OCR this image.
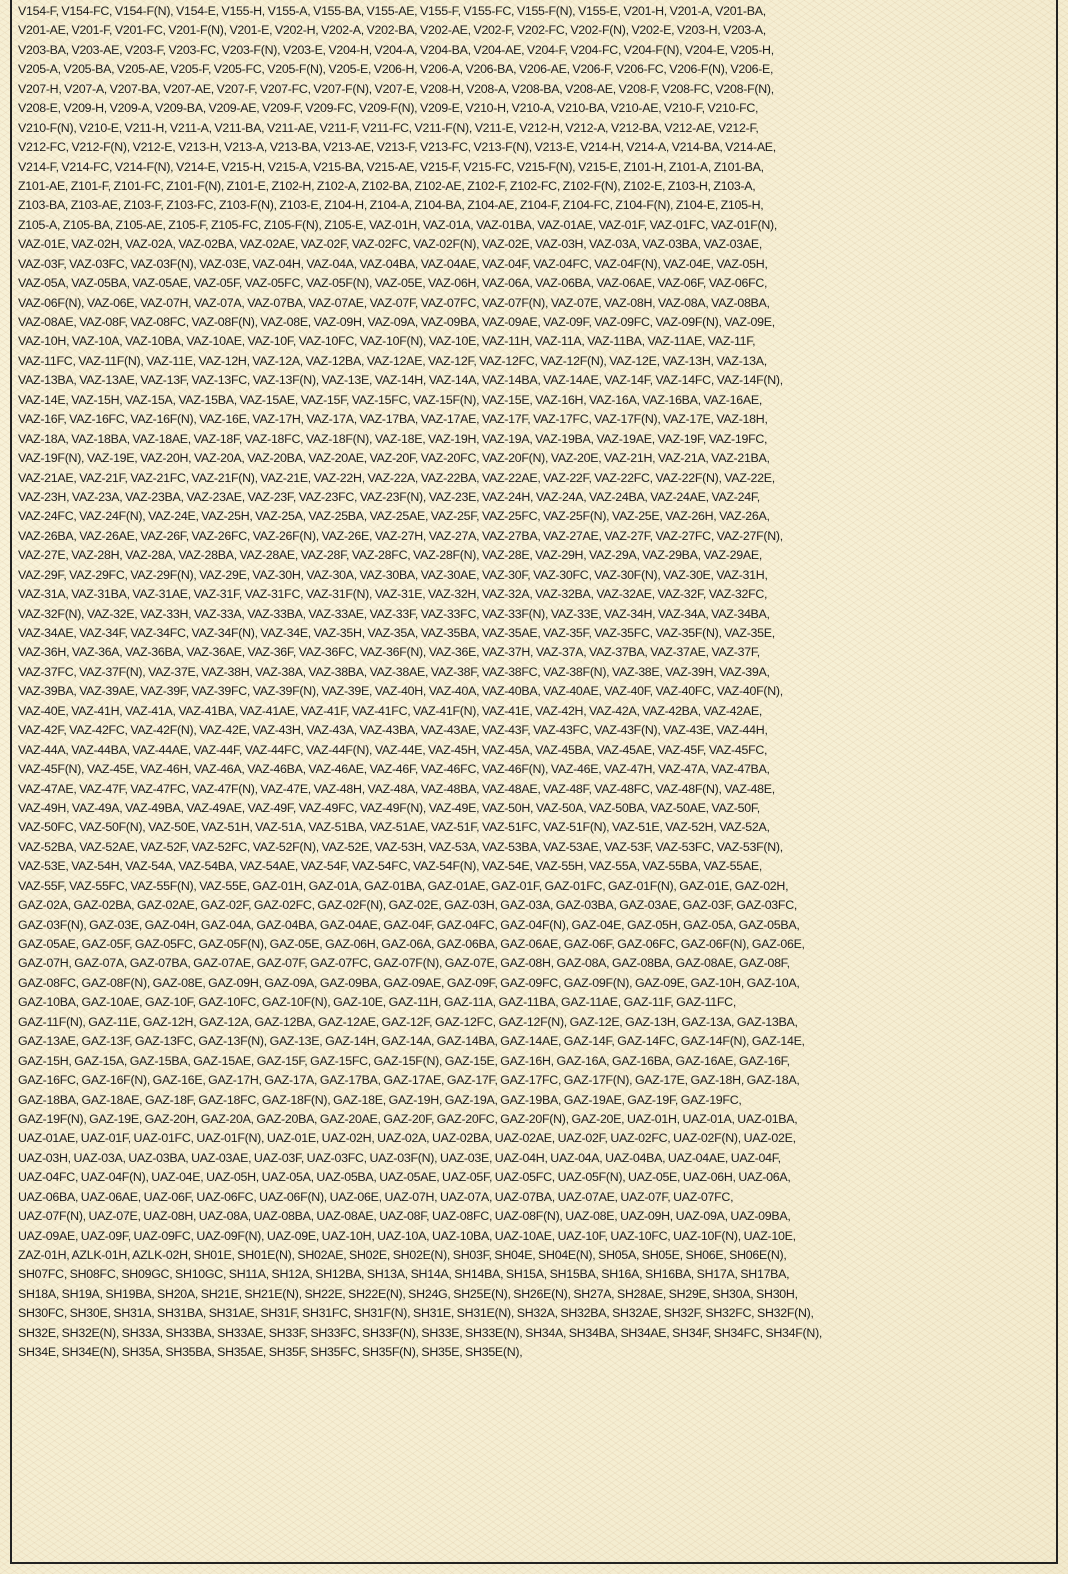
V154-F, V154-FC, V154-F(N), V154-E, V155-H, V155-A, V155-BA, V155-AE, V155-F, V155-FC, V155-F(N), V155-E, V201-H, V201-A, V201-BA,
V201-AE, V201-F, V201-FC, V201-F(N), V201-E, V202-H, V202-A, V202-BA, V202-AE, V202-F, V202-FC, V202-F(N), V202-E, V203-H, V203-A,
V203-BA, V203-AE, V203-F, V203-FC, V203-F(N), V203-E, V204-H, V204-A, V204-BA, V204-AE, V204-F, V204-FC, V204-F(N), V204-E, V205-H,
V205-A, V205-BA, V205-AE, V205-F, V205-FC, V205-F(N), V205-E, V206-H, V206-A, V206-BA, V206-AE, V206-F, V206-FC, V206-F(N), V206-E,
V207-H, V207-A, V207-BA, V207-AE, V207-F, V207-FC, V207-F(N), V207-E, V208-H, V208-A, V208-BA, V208-AE, V208-F, V208-FC, V208-F(N),
V208-E, V209-H, V209-A, V209-BA, V209-AE, V209-F, V209-FC, V209-F(N), V209-E, V210-H, V210-A, V210-BA, V210-AE, V210-F, V210-FC,
V210-F(N), V210-E, V211-H, V211-A, V211-BA, V211-AE, V211-F, V211-FC, V211-F(N), V211-E, V212-H, V212-A, V212-BA, V212-AE, V212-F,
V212-FC, V212-F(N), V212-E, V213-H, V213-A, V213-BA, V213-AE, V213-F, V213-FC, V213-F(N), V213-E, V214-H, V214-A, V214-BA, V214-AE,
V214-F, V214-FC, V214-F(N), V214-E, V215-H, V215-A, V215-BA, V215-AE, V215-F, V215-FC, V215-F(N), V215-E, Z101-H, Z101-A, Z101-BA,
Z101-AE, Z101-F, Z101-FC, Z101-F(N), Z101-E, Z102-H, Z102-A, Z102-BA, Z102-AE, Z102-F, Z102-FC, Z102-F(N), Z102-E, Z103-H, Z103-A,
Z103-BA, Z103-AE, Z103-F, Z103-FC, Z103-F(N), Z103-E, Z104-H, Z104-A, Z104-BA, Z104-AE, Z104-F, Z104-FC, Z104-F(N), Z104-E, Z105-H,
Z105-A, Z105-BA, Z105-AE, Z105-F, Z105-FC, Z105-F(N), Z105-E, VAZ-01H, VAZ-01A, VAZ-01BA, VAZ-01AE, VAZ-01F, VAZ-01FC, VAZ-01F(N),
VAZ-01E, VAZ-02H, VAZ-02A, VAZ-02BA, VAZ-02AE, VAZ-02F, VAZ-02FC, VAZ-02F(N), VAZ-02E, VAZ-03H, VAZ-03A, VAZ-03BA, VAZ-03AE,
VAZ-03F, VAZ-03FC, VAZ-03F(N), VAZ-03E, VAZ-04H, VAZ-04A, VAZ-04BA, VAZ-04AE, VAZ-04F, VAZ-04FC, VAZ-04F(N), VAZ-04E, VAZ-05H,
VAZ-05A, VAZ-05BA, VAZ-05AE, VAZ-05F, VAZ-05FC, VAZ-05F(N), VAZ-05E, VAZ-06H, VAZ-06A, VAZ-06BA, VAZ-06AE, VAZ-06F, VAZ-06FC,
VAZ-06F(N), VAZ-06E, VAZ-07H, VAZ-07A, VAZ-07BA, VAZ-07AE, VAZ-07F, VAZ-07FC, VAZ-07F(N), VAZ-07E, VAZ-08H, VAZ-08A, VAZ-08BA,
VAZ-08AE, VAZ-08F, VAZ-08FC, VAZ-08F(N), VAZ-08E, VAZ-09H, VAZ-09A, VAZ-09BA, VAZ-09AE, VAZ-09F, VAZ-09FC, VAZ-09F(N), VAZ-09E,
VAZ-10H, VAZ-10A, VAZ-10BA, VAZ-10AE, VAZ-10F, VAZ-10FC, VAZ-10F(N), VAZ-10E, VAZ-11H, VAZ-11A, VAZ-11BA, VAZ-11AE, VAZ-11F,
VAZ-11FC, VAZ-11F(N), VAZ-11E, VAZ-12H, VAZ-12A, VAZ-12BA, VAZ-12AE, VAZ-12F, VAZ-12FC, VAZ-12F(N), VAZ-12E, VAZ-13H, VAZ-13A,
VAZ-13BA, VAZ-13AE, VAZ-13F, VAZ-13FC, VAZ-13F(N), VAZ-13E, VAZ-14H, VAZ-14A, VAZ-14BA, VAZ-14AE, VAZ-14F, VAZ-14FC, VAZ-14F(N),
VAZ-14E, VAZ-15H, VAZ-15A, VAZ-15BA, VAZ-15AE, VAZ-15F, VAZ-15FC, VAZ-15F(N), VAZ-15E, VAZ-16H, VAZ-16A, VAZ-16BA, VAZ-16AE,
VAZ-16F, VAZ-16FC, VAZ-16F(N), VAZ-16E, VAZ-17H, VAZ-17A, VAZ-17BA, VAZ-17AE, VAZ-17F, VAZ-17FC, VAZ-17F(N), VAZ-17E, VAZ-18H,
VAZ-18A, VAZ-18BA, VAZ-18AE, VAZ-18F, VAZ-18FC, VAZ-18F(N), VAZ-18E, VAZ-19H, VAZ-19A, VAZ-19BA, VAZ-19AE, VAZ-19F, VAZ-19FC,
VAZ-19F(N), VAZ-19E, VAZ-20H, VAZ-20A, VAZ-20BA, VAZ-20AE, VAZ-20F, VAZ-20FC, VAZ-20F(N), VAZ-20E, VAZ-21H, VAZ-21A, VAZ-21BA,
VAZ-21AE, VAZ-21F, VAZ-21FC, VAZ-21F(N), VAZ-21E, VAZ-22H, VAZ-22A, VAZ-22BA, VAZ-22AE, VAZ-22F, VAZ-22FC, VAZ-22F(N), VAZ-22E,
VAZ-23H, VAZ-23A, VAZ-23BA, VAZ-23AE, VAZ-23F, VAZ-23FC, VAZ-23F(N), VAZ-23E, VAZ-24H, VAZ-24A, VAZ-24BA, VAZ-24AE, VAZ-24F,
VAZ-24FC, VAZ-24F(N), VAZ-24E, VAZ-25H, VAZ-25A, VAZ-25BA, VAZ-25AE, VAZ-25F, VAZ-25FC, VAZ-25F(N), VAZ-25E, VAZ-26H, VAZ-26A,
VAZ-26BA, VAZ-26AE, VAZ-26F, VAZ-26FC, VAZ-26F(N), VAZ-26E, VAZ-27H, VAZ-27A, VAZ-27BA, VAZ-27AE, VAZ-27F, VAZ-27FC, VAZ-27F(N),
VAZ-27E, VAZ-28H, VAZ-28A, VAZ-28BA, VAZ-28AE, VAZ-28F, VAZ-28FC, VAZ-28F(N), VAZ-28E, VAZ-29H, VAZ-29A, VAZ-29BA, VAZ-29AE,
VAZ-29F, VAZ-29FC, VAZ-29F(N), VAZ-29E, VAZ-30H, VAZ-30A, VAZ-30BA, VAZ-30AE, VAZ-30F, VAZ-30FC, VAZ-30F(N), VAZ-30E, VAZ-31H,
VAZ-31A, VAZ-31BA, VAZ-31AE, VAZ-31F, VAZ-31FC, VAZ-31F(N), VAZ-31E, VAZ-32H, VAZ-32A, VAZ-32BA, VAZ-32AE, VAZ-32F, VAZ-32FC,
VAZ-32F(N), VAZ-32E, VAZ-33H, VAZ-33A, VAZ-33BA, VAZ-33AE, VAZ-33F, VAZ-33FC, VAZ-33F(N), VAZ-33E, VAZ-34H, VAZ-34A, VAZ-34BA,
VAZ-34AE, VAZ-34F, VAZ-34FC, VAZ-34F(N), VAZ-34E, VAZ-35H, VAZ-35A, VAZ-35BA, VAZ-35AE, VAZ-35F, VAZ-35FC, VAZ-35F(N), VAZ-35E,
VAZ-36H, VAZ-36A, VAZ-36BA, VAZ-36AE, VAZ-36F, VAZ-36FC, VAZ-36F(N), VAZ-36E, VAZ-37H, VAZ-37A, VAZ-37BA, VAZ-37AE, VAZ-37F,
VAZ-37FC, VAZ-37F(N), VAZ-37E, VAZ-38H, VAZ-38A, VAZ-38BA, VAZ-38AE, VAZ-38F, VAZ-38FC, VAZ-38F(N), VAZ-38E, VAZ-39H, VAZ-39A,
VAZ-39BA, VAZ-39AE, VAZ-39F, VAZ-39FC, VAZ-39F(N), VAZ-39E, VAZ-40H, VAZ-40A, VAZ-40BA, VAZ-40AE, VAZ-40F, VAZ-40FC, VAZ-40F(N),
VAZ-40E, VAZ-41H, VAZ-41A, VAZ-41BA, VAZ-41AE, VAZ-41F, VAZ-41FC, VAZ-41F(N), VAZ-41E, VAZ-42H, VAZ-42A, VAZ-42BA, VAZ-42AE,
VAZ-42F, VAZ-42FC, VAZ-42F(N), VAZ-42E, VAZ-43H, VAZ-43A, VAZ-43BA, VAZ-43AE, VAZ-43F, VAZ-43FC, VAZ-43F(N), VAZ-43E, VAZ-44H,
VAZ-44A, VAZ-44BA, VAZ-44AE, VAZ-44F, VAZ-44FC, VAZ-44F(N), VAZ-44E, VAZ-45H, VAZ-45A, VAZ-45BA, VAZ-45AE, VAZ-45F, VAZ-45FC,
VAZ-45F(N), VAZ-45E, VAZ-46H, VAZ-46A, VAZ-46BA, VAZ-46AE, VAZ-46F, VAZ-46FC, VAZ-46F(N), VAZ-46E, VAZ-47H, VAZ-47A, VAZ-47BA,
VAZ-47AE, VAZ-47F, VAZ-47FC, VAZ-47F(N), VAZ-47E, VAZ-48H, VAZ-48A, VAZ-48BA, VAZ-48AE, VAZ-48F, VAZ-48FC, VAZ-48F(N), VAZ-48E,
VAZ-49H, VAZ-49A, VAZ-49BA, VAZ-49AE, VAZ-49F, VAZ-49FC, VAZ-49F(N), VAZ-49E, VAZ-50H, VAZ-50A, VAZ-50BA, VAZ-50AE, VAZ-50F,
VAZ-50FC, VAZ-50F(N), VAZ-50E, VAZ-51H, VAZ-51A, VAZ-51BA, VAZ-51AE, VAZ-51F, VAZ-51FC, VAZ-51F(N), VAZ-51E, VAZ-52H, VAZ-52A,
VAZ-52BA, VAZ-52AE, VAZ-52F, VAZ-52FC, VAZ-52F(N), VAZ-52E, VAZ-53H, VAZ-53A, VAZ-53BA, VAZ-53AE, VAZ-53F, VAZ-53FC, VAZ-53F(N),
VAZ-53E, VAZ-54H, VAZ-54A, VAZ-54BA, VAZ-54AE, VAZ-54F, VAZ-54FC, VAZ-54F(N), VAZ-54E, VAZ-55H, VAZ-55A, VAZ-55BA, VAZ-55AE,
VAZ-55F, VAZ-55FC, VAZ-55F(N), VAZ-55E, GAZ-01H, GAZ-01A, GAZ-01BA, GAZ-01AE, GAZ-01F, GAZ-01FC, GAZ-01F(N), GAZ-01E, GAZ-02H,
GAZ-02A, GAZ-02BA, GAZ-02AE, GAZ-02F, GAZ-02FC, GAZ-02F(N), GAZ-02E, GAZ-03H, GAZ-03A, GAZ-03BA, GAZ-03AE, GAZ-03F, GAZ-03FC,
GAZ-03F(N), GAZ-03E, GAZ-04H, GAZ-04A, GAZ-04BA, GAZ-04AE, GAZ-04F, GAZ-04FC, GAZ-04F(N), GAZ-04E, GAZ-05H, GAZ-05A, GAZ-05BA,
GAZ-05AE, GAZ-05F, GAZ-05FC, GAZ-05F(N), GAZ-05E, GAZ-06H, GAZ-06A, GAZ-06BA, GAZ-06AE, GAZ-06F, GAZ-06FC, GAZ-06F(N), GAZ-06E,
GAZ-07H, GAZ-07A, GAZ-07BA, GAZ-07AE, GAZ-07F, GAZ-07FC, GAZ-07F(N), GAZ-07E, GAZ-08H, GAZ-08A, GAZ-08BA, GAZ-08AE, GAZ-08F,
GAZ-08FC, GAZ-08F(N), GAZ-08E, GAZ-09H, GAZ-09A, GAZ-09BA, GAZ-09AE, GAZ-09F, GAZ-09FC, GAZ-09F(N), GAZ-09E, GAZ-10H, GAZ-10A,
GAZ-10BA, GAZ-10AE, GAZ-10F, GAZ-10FC, GAZ-10F(N), GAZ-10E, GAZ-11H, GAZ-11A, GAZ-11BA, GAZ-11AE, GAZ-11F, GAZ-11FC,
GAZ-11F(N), GAZ-11E, GAZ-12H, GAZ-12A, GAZ-12BA, GAZ-12AE, GAZ-12F, GAZ-12FC, GAZ-12F(N), GAZ-12E, GAZ-13H, GAZ-13A, GAZ-13BA,
GAZ-13AE, GAZ-13F, GAZ-13FC, GAZ-13F(N), GAZ-13E, GAZ-14H, GAZ-14A, GAZ-14BA, GAZ-14AE, GAZ-14F, GAZ-14FC, GAZ-14F(N), GAZ-14E,
GAZ-15H, GAZ-15A, GAZ-15BA, GAZ-15AE, GAZ-15F, GAZ-15FC, GAZ-15F(N), GAZ-15E, GAZ-16H, GAZ-16A, GAZ-16BA, GAZ-16AE, GAZ-16F,
GAZ-16FC, GAZ-16F(N), GAZ-16E, GAZ-17H, GAZ-17A, GAZ-17BA, GAZ-17AE, GAZ-17F, GAZ-17FC, GAZ-17F(N), GAZ-17E, GAZ-18H, GAZ-18A,
GAZ-18BA, GAZ-18AE, GAZ-18F, GAZ-18FC, GAZ-18F(N), GAZ-18E, GAZ-19H, GAZ-19A, GAZ-19BA, GAZ-19AE, GAZ-19F, GAZ-19FC,
GAZ-19F(N), GAZ-19E, GAZ-20H, GAZ-20A, GAZ-20BA, GAZ-20AE, GAZ-20F, GAZ-20FC, GAZ-20F(N), GAZ-20E, UAZ-01H, UAZ-01A, UAZ-01BA,
UAZ-01AE, UAZ-01F, UAZ-01FC, UAZ-01F(N), UAZ-01E, UAZ-02H, UAZ-02A, UAZ-02BA, UAZ-02AE, UAZ-02F, UAZ-02FC, UAZ-02F(N), UAZ-02E,
UAZ-03H, UAZ-03A, UAZ-03BA, UAZ-03AE, UAZ-03F, UAZ-03FC, UAZ-03F(N), UAZ-03E, UAZ-04H, UAZ-04A, UAZ-04BA, UAZ-04AE, UAZ-04F,
UAZ-04FC, UAZ-04F(N), UAZ-04E, UAZ-05H, UAZ-05A, UAZ-05BA, UAZ-05AE, UAZ-05F, UAZ-05FC, UAZ-05F(N), UAZ-05E, UAZ-06H, UAZ-06A,
UAZ-06BA, UAZ-06AE, UAZ-06F, UAZ-06FC, UAZ-06F(N), UAZ-06E, UAZ-07H, UAZ-07A, UAZ-07BA, UAZ-07AE, UAZ-07F, UAZ-07FC,
UAZ-07F(N), UAZ-07E, UAZ-08H, UAZ-08A, UAZ-08BA, UAZ-08AE, UAZ-08F, UAZ-08FC, UAZ-08F(N), UAZ-08E, UAZ-09H, UAZ-09A, UAZ-09BA,
UAZ-09AE, UAZ-09F, UAZ-09FC, UAZ-09F(N), UAZ-09E, UAZ-10H, UAZ-10A, UAZ-10BA, UAZ-10AE, UAZ-10F, UAZ-10FC, UAZ-10F(N), UAZ-10E,
ZAZ-01H, AZLK-01H, AZLK-02H, SH01E, SH01E(N), SH02AE, SH02E, SH02E(N), SH03F, SH04E, SH04E(N), SH05A, SH05E, SH06E, SH06E(N),
SH07FC, SH08FC, SH09GC, SH10GC, SH11A, SH12A, SH12BA, SH13A, SH14A, SH14BA, SH15A, SH15BA, SH16A, SH16BA, SH17A, SH17BA,
SH18A, SH19A, SH19BA, SH20A, SH21E, SH21E(N), SH22E, SH22E(N), SH24G, SH25E(N), SH26E(N), SH27A, SH28AE, SH29E, SH30A, SH30H,
SH30FC, SH30E, SH31A, SH31BA, SH31AE, SH31F, SH31FC, SH31F(N), SH31E, SH31E(N), SH32A, SH32BA, SH32AE, SH32F, SH32FC, SH32F(N),
SH32E, SH32E(N), SH33A, SH33BA, SH33AE, SH33F, SH33FC, SH33F(N), SH33E, SH33E(N), SH34A, SH34BA, SH34AE, SH34F, SH34FC, SH34F(N),
SH34E, SH34E(N), SH35A, SH35BA, SH35AE, SH35F, SH35FC, SH35F(N), SH35E, SH35E(N),
